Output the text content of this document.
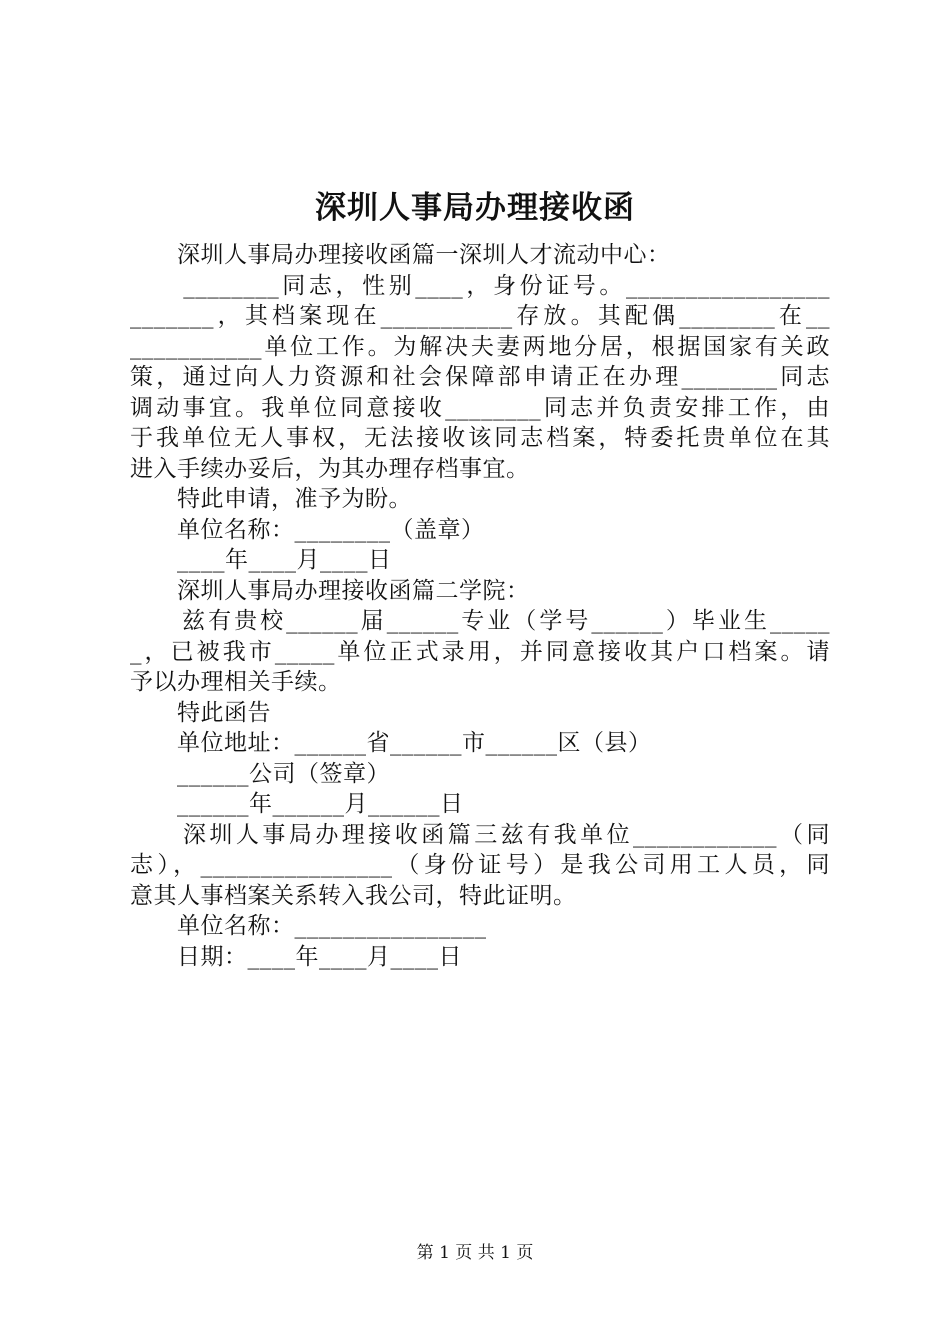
深圳人事局办理接收函
　　深圳人事局办理接收函篇一深圳人才流动中心：
　　________同志，性别____，身份证号。_________________
_______，其档案现在___________存放。其配偶________在__
___________单位工作。为解决夫妻两地分居，根据国家有关政
策，通过向人力资源和社会保障部申请正在办理________同志
调动事宜。我单位同意接收________同志并负责安排工作，由
于我单位无人事权，无法接收该同志档案，特委托贵单位在其
进入手续办妥后，为其办理存档事宜。
　　特此申请，准予为盼。
　　单位名称：________（盖章）
　　____年____月____日
　　深圳人事局办理接收函篇二学院：
　　兹有贵校______届______专业（学号______）毕业生_____
_，已被我市_____单位正式录用，并同意接收其户口档案。请
予以办理相关手续。
　　特此函告
　　单位地址：______省______市______区（县）
　　______公司（签章）
　　______年______月______日
　　深圳人事局办理接收函篇三兹有我单位____________（同
志），________________（身份证号）是我公司用工人员，同
意其人事档案关系转入我公司，特此证明。
　　单位名称：________________
　　日期：____年____月____日
第 1 页 共 1 页
